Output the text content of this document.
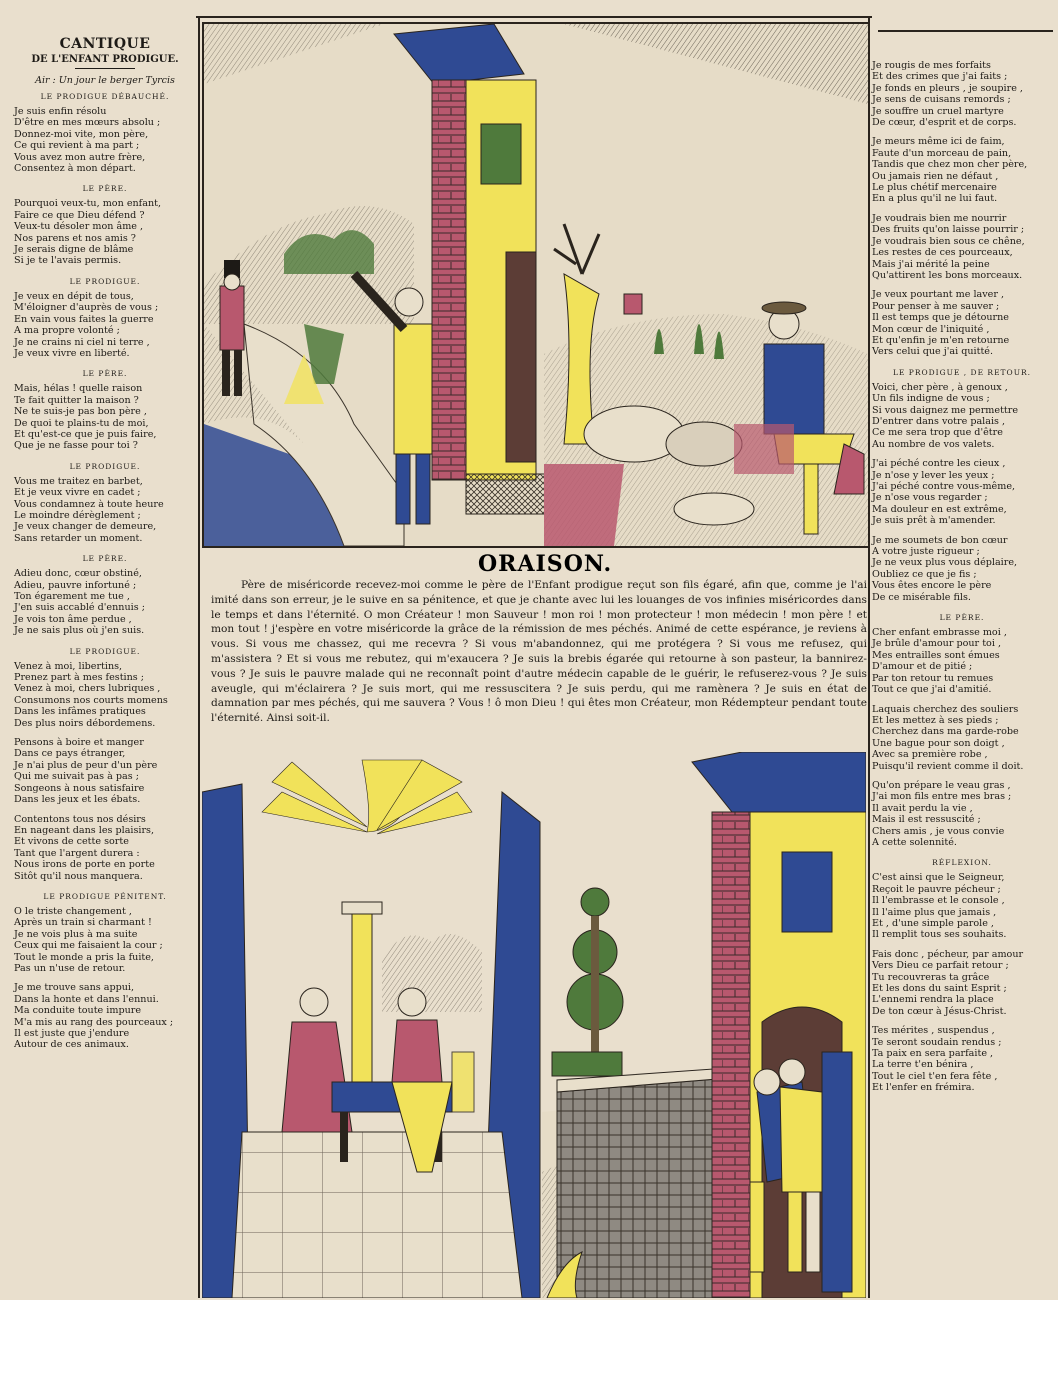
CANTIQUE
DE L'ENFANT PRODIGUE.
Air : Un jour le berger Tyrcis
LE PRODIGUE DÉBAUCHÉ.
Je suis enfin résolu
D'être en mes mœurs absolu ;
Donnez-moi vite, mon père,
Ce qui revient à ma part ;
Vous avez mon autre frère,
Consentez à mon départ.
LE PÈRE.
Pourquoi veux-tu, mon enfant,
Faire ce que Dieu défend ?
Veux-tu désoler mon âme ,
Nos parens et nos amis ?
Je serais digne de blâme
Si je te l'avais permis.
LE PRODIGUE.
Je veux en dépit de tous,
M'éloigner d'auprès de vous ;
En vain vous faites la guerre
A ma propre volonté ;
Je ne crains ni ciel ni terre ,
Je veux vivre en liberté.
LE PÈRE.
Mais, hélas ! quelle raison
Te fait quitter la maison ?
Ne te suis-je pas bon père ,
De quoi te plains-tu de moi,
Et qu'est-ce que je puis faire,
Que je ne fasse pour toi ?
LE PRODIGUE.
Vous me traitez en barbet,
Et je veux vivre en cadet ;
Vous condamnez à toute heure
Le moindre dérèglement ;
Je veux changer de demeure,
Sans retarder un moment.
LE PÈRE.
Adieu donc, cœur obstiné,
Adieu, pauvre infortuné ;
Ton égarement me tue ,
J'en suis accablé d'ennuis ;
Je vois ton âme perdue ,
Je ne sais plus où j'en suis.
LE PRODIGUE.
Venez à moi, libertins,
Prenez part à mes festins ;
Venez à moi, chers lubriques ,
Consumons nos courts momens
Dans les infâmes pratiques
Des plus noirs débordemens.
Pensons à boire et manger
Dans ce pays étranger,
Je n'ai plus de peur d'un père
Qui me suivait pas à pas ;
Songeons à nous satisfaire
Dans les jeux et les ébats.
Contentons tous nos désirs
En nageant dans les plaisirs,
Et vivons de cette sorte
Tant que l'argent durera :
Nous irons de porte en porte
Sitôt qu'il nous manquera.
LE PRODIGUE PÉNITENT.
O le triste changement ,
Après un train si charmant !
Je ne vois plus à ma suite
Ceux qui me faisaient la cour ;
Tout le monde a pris la fuite,
Pas un n'use de retour.
Je me trouve sans appui,
Dans la honte et dans l'ennui.
Ma conduite toute impure
M'a mis au rang des pourceaux ;
Il est juste que j'endure
Autour de ces animaux.
Je rougis de mes forfaits
Et des crimes que j'ai faits ;
Je fonds en pleurs , je soupire ,
Je sens de cuisans remords ;
Je souffre un cruel martyre
De cœur, d'esprit et de corps.
Je meurs même ici de faim,
Faute d'un morceau de pain,
Tandis que chez mon cher père,
Ou jamais rien ne défaut ,
Le plus chétif mercenaire
En a plus qu'il ne lui faut.
Je voudrais bien me nourrir
Des fruits qu'on laisse pourrir ;
Je voudrais bien sous ce chêne,
Les restes de ces pourceaux,
Mais j'ai mérité la peine
Qu'attirent les bons morceaux.
Je veux pourtant me laver ,
Pour penser à me sauver ;
Il est temps que je détourne
Mon cœur de l'iniquité ,
Et qu'enfin je m'en retourne
Vers celui que j'ai quitté.
LE PRODIGUE , DE RETOUR.
Voici, cher père , à genoux ,
Un fils indigne de vous ;
Si vous daignez me permettre
D'entrer dans votre palais ,
Ce me sera trop que d'être
Au nombre de vos valets.
J'ai péché contre les cieux ,
Je n'ose y lever les yeux ;
J'ai péché contre vous-même,
Je n'ose vous regarder ;
Ma douleur en est extrême,
Je suis prêt à m'amender.
Je me soumets de bon cœur
A votre juste rigueur ;
Je ne veux plus vous déplaire,
Oubliez ce que je fis ;
Vous êtes encore le père
De ce misérable fils.
LE PÈRE.
Cher enfant embrasse moi ,
Je brûle d'amour pour toi ,
Mes entrailles sont émues
D'amour et de pitié ;
Par ton retour tu remues
Tout ce que j'ai d'amitié.
Laquais cherchez des souliers
Et les mettez à ses pieds ;
Cherchez dans ma garde-robe
Une bague pour son doigt ,
Avec sa première robe ,
Puisqu'il revient comme il doit.
Qu'on prépare le veau gras ,
J'ai mon fils entre mes bras ;
Il avait perdu la vie ,
Mais il est ressuscité ;
Chers amis , je vous convie
A cette solennité.
RÉFLEXION.
C'est ainsi que le Seigneur,
Reçoit le pauvre pécheur ;
Il l'embrasse et le console ,
Il l'aime plus que jamais ,
Et , d'une simple parole ,
Il remplit tous ses souhaits.
Fais donc , pécheur, par amour
Vers Dieu ce parfait retour ;
Tu recouvreras ta grâce
Et les dons du saint Esprit ;
L'ennemi rendra la place
De ton cœur à Jésus-Christ.
Tes mérites , suspendus ,
Te seront soudain rendus ;
Ta paix en sera parfaite ,
La terre t'en bénira ,
Tout le ciel t'en fera fête ,
Et l'enfer en frémira.
ORAISON.
Père de miséricorde recevez-moi comme le père de l'Enfant prodigue reçut son fils égaré, afin que, comme je l'ai imité dans son erreur, je le suive en sa pénitence, et que je chante avec lui les louanges de vos infinies miséricordes dans le temps et dans l'éternité. O mon Créateur ! mon Sauveur ! mon roi ! mon protecteur ! mon médecin ! mon père ! et mon tout ! j'espère en votre miséricorde la grâce de la rémission de mes péchés. Animé de cette espérance, je reviens à vous. Si vous me chassez, qui me recevra ? Si vous m'abandonnez, qui me protégera ? Si vous me refusez, qui m'assistera ? Et si vous me rebutez, qui m'exaucera ? Je suis la brebis égarée qui retourne à son pasteur, la bannirez-vous ? Je suis le pauvre malade qui ne reconnaît point d'autre médecin capable de le guérir, le refuserez-vous ? Je suis aveugle, qui m'éclairera ? Je suis mort, qui me ressuscitera ? Je suis perdu, qui me ramènera ? Je suis en état de damnation par mes péchés, qui me sauvera ? Vous ! ô mon Dieu ! qui êtes mon Créateur, mon Rédempteur pendant toute l'éternité. Ainsi soit-il.
